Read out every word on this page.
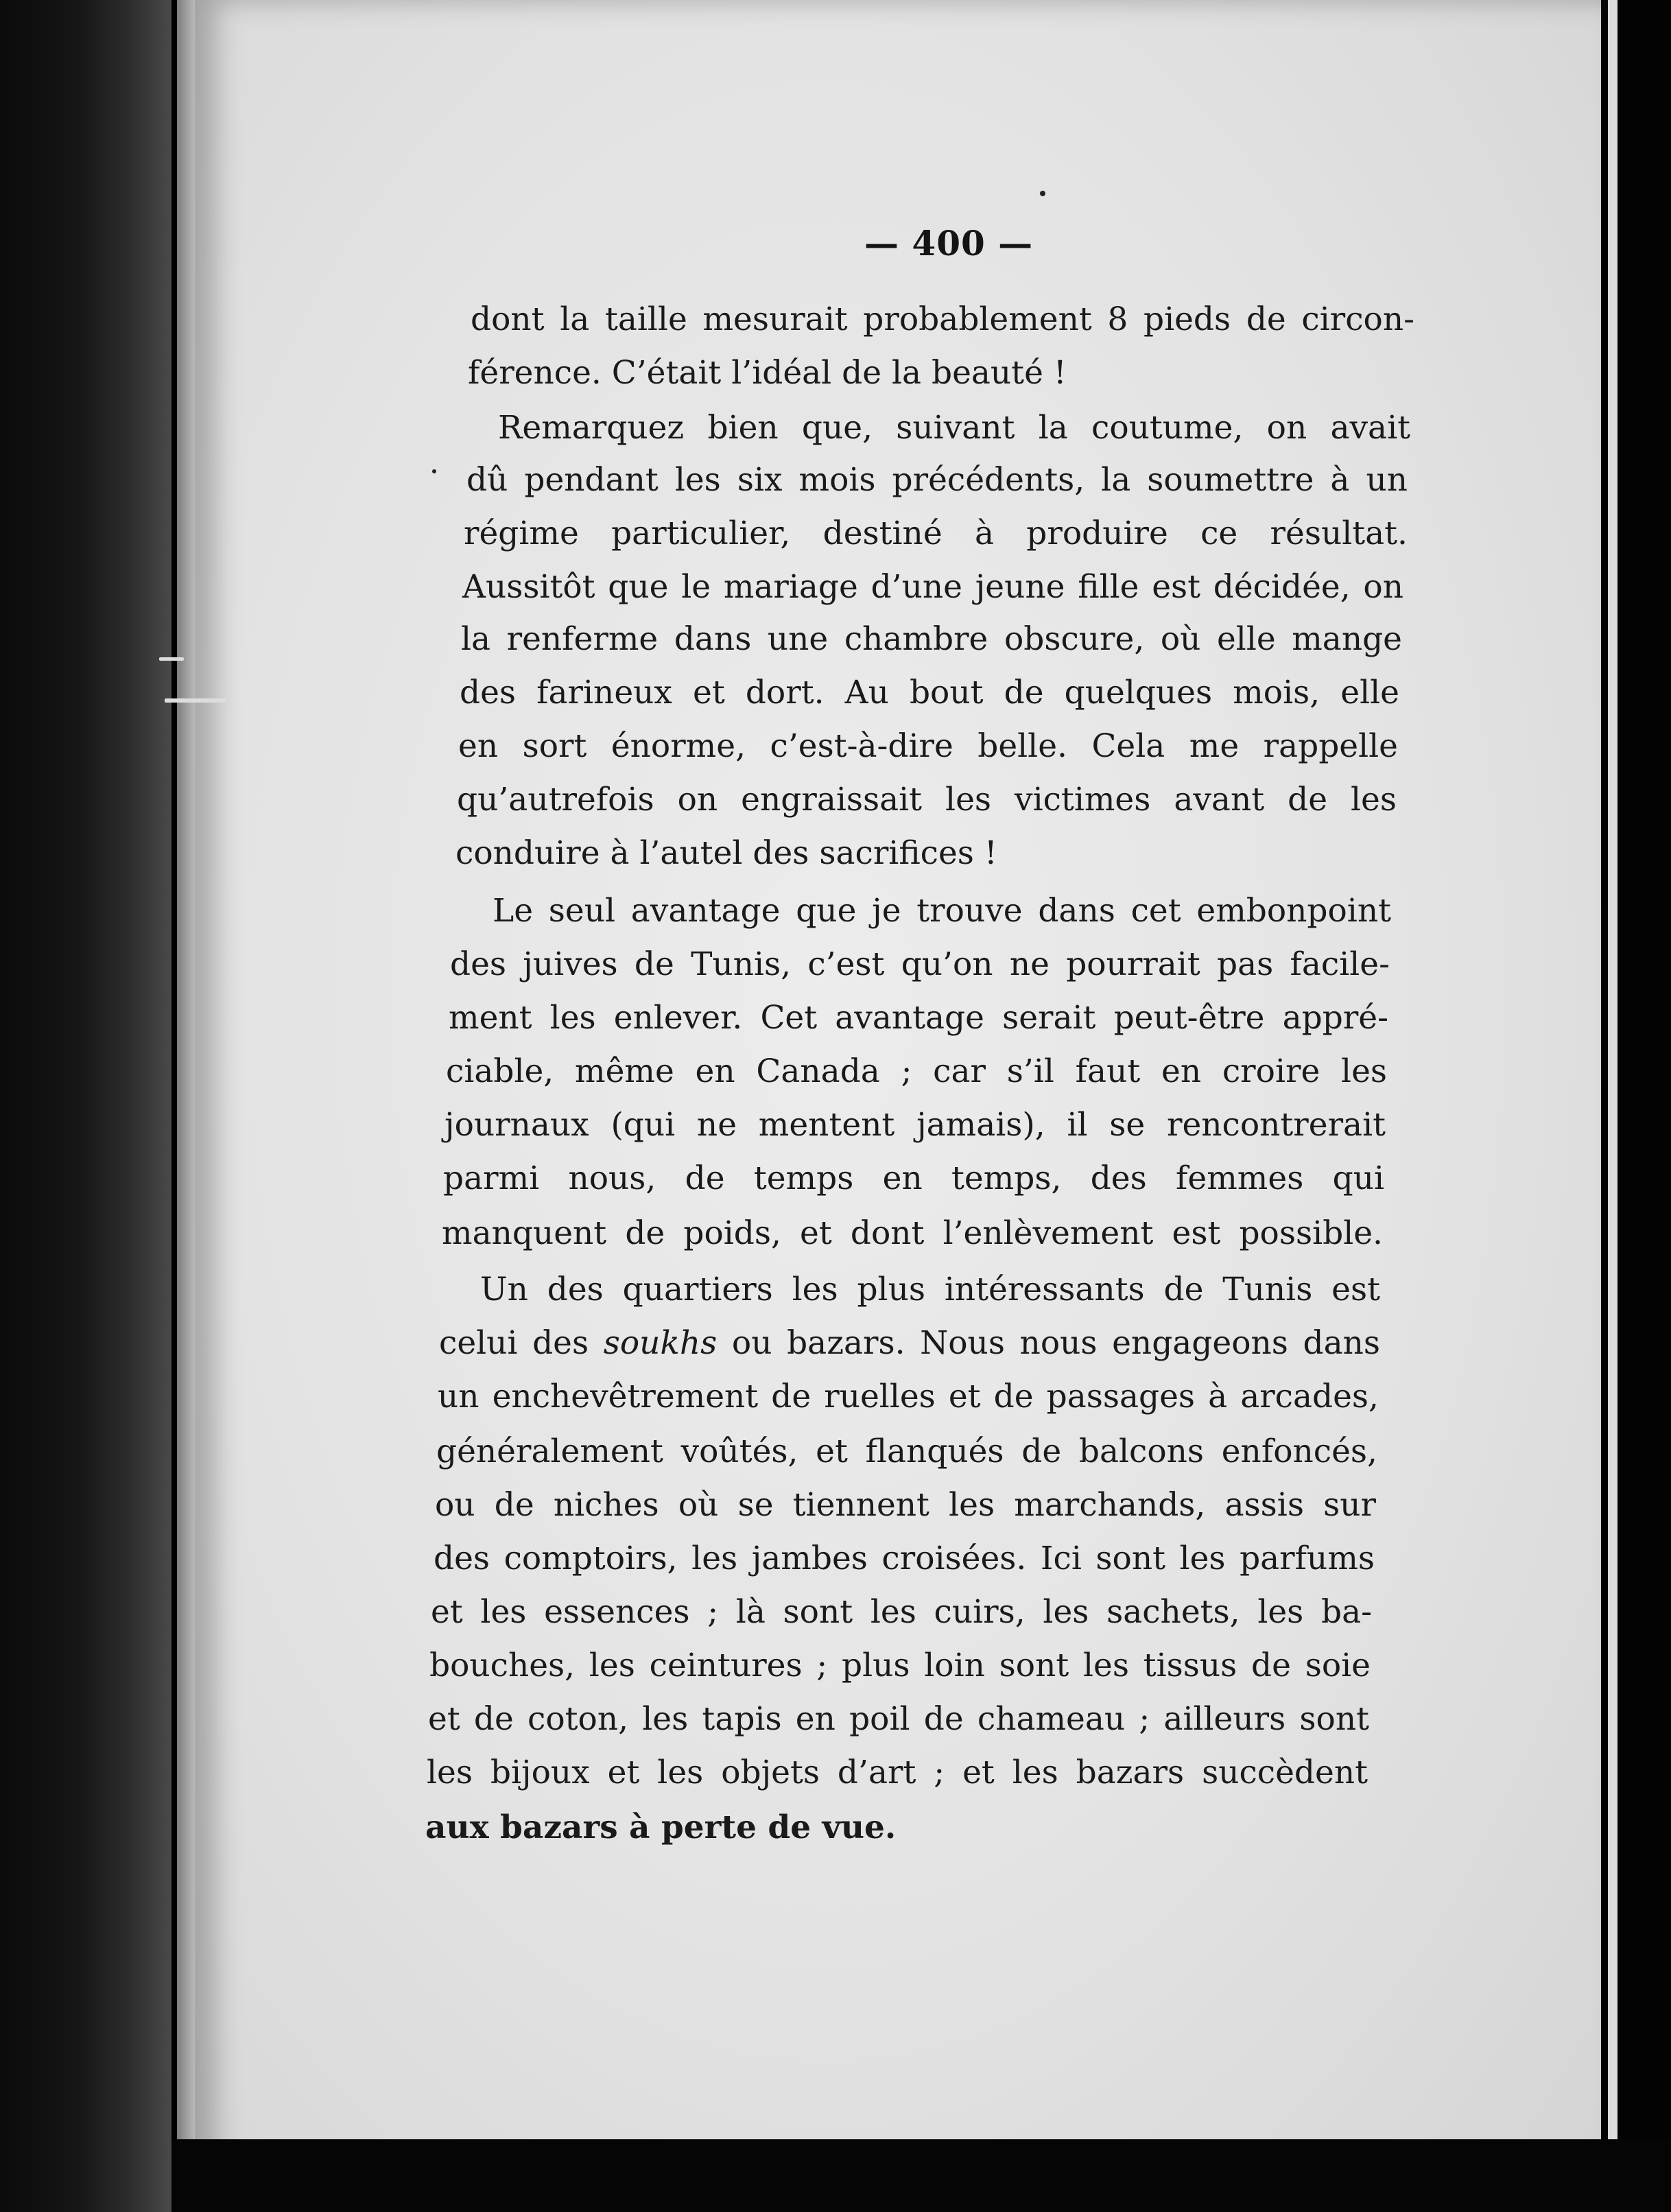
— 400 —
dont la taille mesurait probablement 8 pieds de circon-
férence. C’était l’idéal de la beauté !
Remarquez bien que, suivant la coutume, on avait
dû pendant les six mois précédents, la soumettre à un
régime particulier, destiné à produire ce résultat.
Aussitôt que le mariage d’une jeune fille est décidée, on
la renferme dans une chambre obscure, où elle mange
des farineux et dort. Au bout de quelques mois, elle
en sort énorme, c’est-à-dire belle. Cela me rappelle
qu’autrefois on engraissait les victimes avant de les
conduire à l’autel des sacrifices !
Le seul avantage que je trouve dans cet embonpoint
des juives de Tunis, c’est qu’on ne pourrait pas facile-
ment les enlever. Cet avantage serait peut-être appré-
ciable, même en Canada ; car s’il faut en croire les
journaux (qui ne mentent jamais), il se rencontrerait
parmi nous, de temps en temps, des femmes qui
manquent de poids, et dont l’enlèvement est possible.
Un des quartiers les plus intéressants de Tunis est
celui des soukhs ou bazars. Nous nous engageons dans
un enchevêtrement de ruelles et de passages à arcades,
généralement voûtés, et flanqués de balcons enfoncés,
ou de niches où se tiennent les marchands, assis sur
des comptoirs, les jambes croisées. Ici sont les parfums
et les essences ; là sont les cuirs, les sachets, les ba-
bouches, les ceintures ; plus loin sont les tissus de soie
et de coton, les tapis en poil de chameau ; ailleurs sont
les bijoux et les objets d’art ; et les bazars succèdent
aux bazars à perte de vue.
